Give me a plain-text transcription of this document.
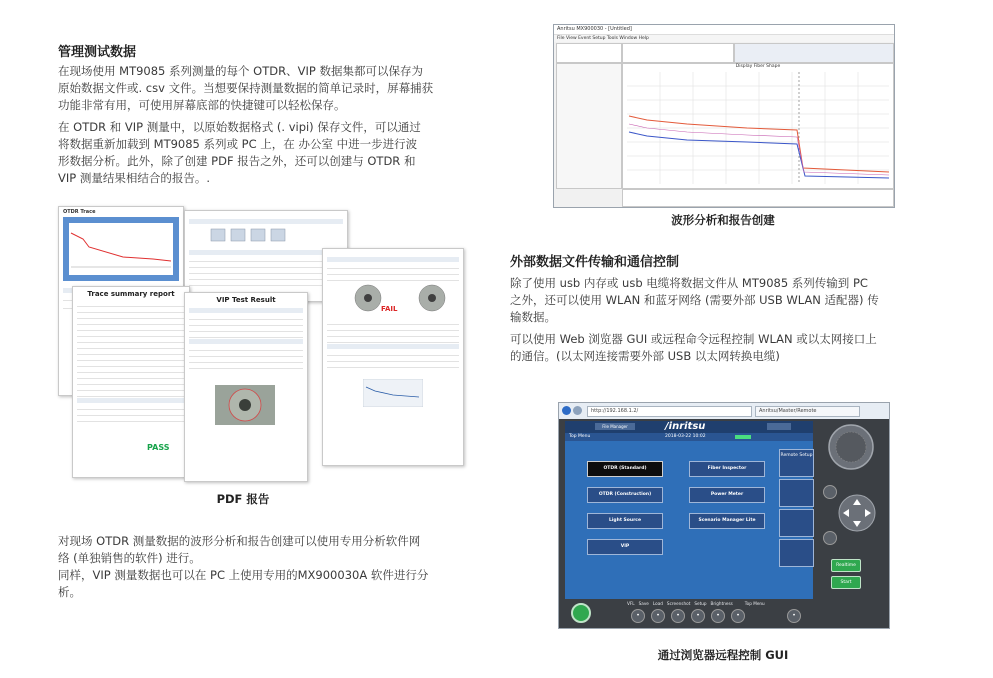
管理测试数据

在现场使用 MT9085 系列测量的每个 OTDR、VIP 数据集都可以保存为

原始数据文件或. csv 文件。当想要保持测量数据的简单记录时，屏幕捕获

功能非常有用，可使用屏幕底部的快捷键可以轻松保存。

在 OTDR 和 VIP 测量中，以原始数据格式 (. vipi) 保存文件，可以通过

将数据重新加载到 MT9085 系列或 PC 上，在 办公室 中进一步进行波

形数据分析。此外，除了创建 PDF 报告之外，还可以创建与 OTDR 和

VIP 测量结果相结合的报告。.

OTDR Trace
Trace summary report
PASS
VIP Test Result
FAIL
PDF 报告

对现场 OTDR 测量数据的波形分析和报告创建可以使用专用分析软件网

络 (单独销售的软件) 进行。

同样，VIP 测量数据也可以在 PC 上使用专用的MX900030A 软件进行分

析。

Anritsu MX900030 - [Untitled]
File View Event Setup Tools Window Help
Display Fiber Shape
波形分析和报告创建
外部数据文件传输和通信控制

除了使用 usb 内存或 usb 电缆将数据文件从 MT9085 系列传输到 PC

之外，还可以使用 WLAN 和蓝牙网络 (需要外部 USB WLAN 适配器) 传

输数据。

可以使用 Web 浏览器 GUI 或远程命令远程控制 WLAN 或以太网接口上

的通信。(以太网连接需要外部 USB 以太网转换电缆)

http://192.168.1.2/	Anritsu/Master/Remote
File Manager	/inritsu
Top Menu	2018-03-22 10:02
OTDR (Standard)	Fiber Inspector
OTDR (Construction)	Power Meter
Light Source	Scenario Manager Lite
VIP
Remote Setup
VFL   Save   Load   Screenshot   Setup   Brightness         Top Menu
•	•	•	•	•	•	•
Realtime
Start
通过浏览器远程控制 GUI
